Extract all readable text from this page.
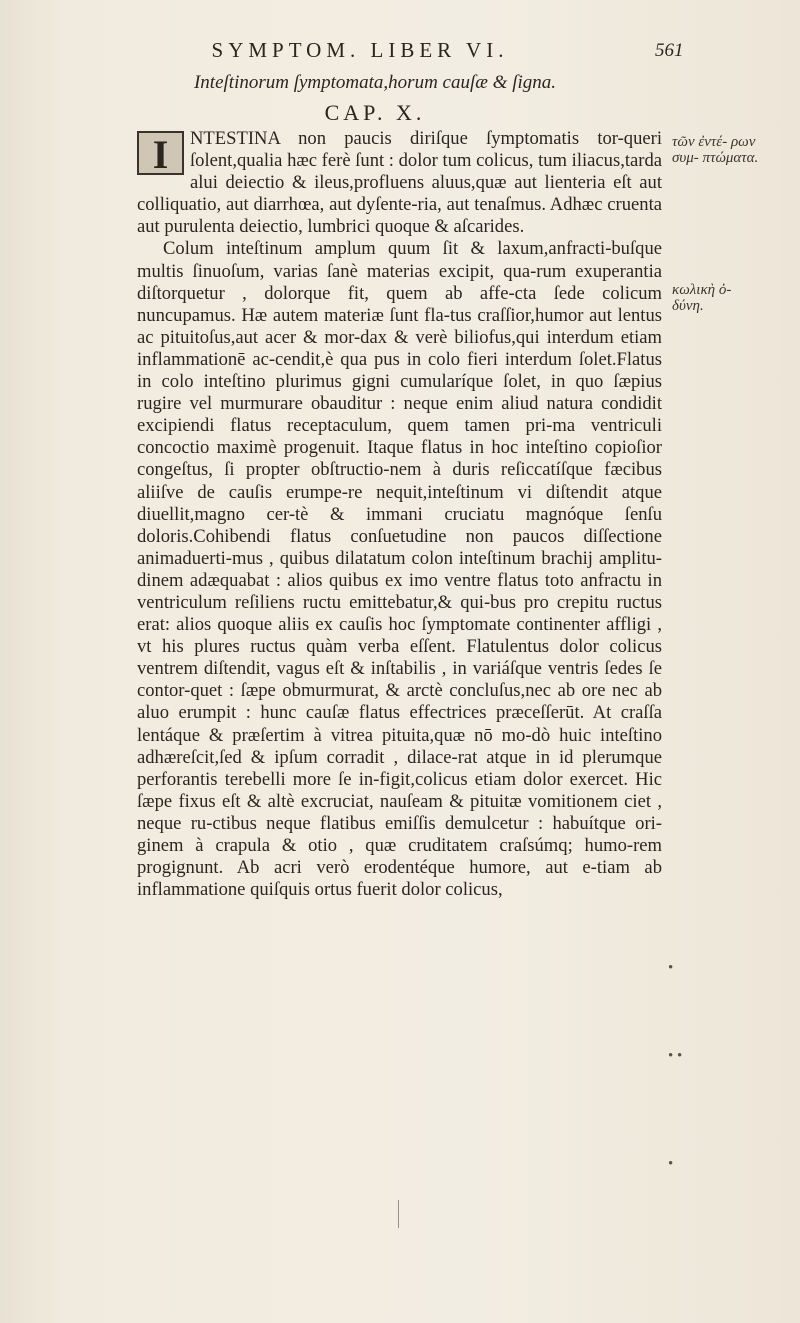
SYMPTOM. LIBER VI.	561
Inteſtinorum ſymptomata,horum cauſæ & ſigna.
CAP. X.

I	NTESTINA non paucis diriſque ſymptomatis tor-queri ſolent,qualia hæc ferè ſunt : dolor tum colicus, tum iliacus,tarda alui deiectio & ileus,profluens aluus,quæ aut lienteria eſt aut colliquatio, aut diarrhœa, aut dyſente-ria, aut tenaſmus. Adhæc cruenta aut purulenta deiectio, lumbrici quoque & aſcarides.

Colum inteſtinum amplum quum ſit & laxum,anfracti-buſque multis ſinuoſum, varias ſanè materias excipit, qua-rum exuperantia diſtorquetur , dolorque fit, quem ab affe-cta ſede colicum nuncupamus. Hæ autem materiæ ſunt fla-tus craſſior,humor aut lentus ac pituitoſus,aut acer & mor-dax & verè biliofus,qui interdum etiam inflammationē ac-cendit,è qua pus in colo fieri interdum ſolet.Flatus in colo inteſtino plurimus gigni cumularíque ſolet, in quo ſæpius rugire vel murmurare obauditur : neque enim aliud natura condidit excipiendi flatus receptaculum, quem tamen pri-ma ventriculi concoctio maximè progenuit. Itaque flatus in hoc inteſtino copioſior congeſtus, ſi propter obſtructio-nem à duris reſiccatíſque fæcibus aliiſve de cauſis erumpe-re nequit,inteſtinum vi diſtendit atque diuellit,magno cer-tè & immani cruciatu magnóque ſenſu doloris.Cohibendi flatus conſuetudine non paucos diſſectione animaduerti-mus , quibus dilatatum colon inteſtinum brachij amplitu-dinem adæquabat : alios quibus ex imo ventre flatus toto anfractu in ventriculum reſiliens ructu emittebatur,& qui-bus pro crepitu ructus erat: alios quoque aliis ex cauſis hoc ſymptomate continenter affligi , vt his plures ructus quàm verba eſſent. Flatulentus dolor colicus ventrem diſtendit, vagus eſt & inſtabilis , in variáſque ventris ſedes ſe contor-quet : ſæpe obmurmurat, & arctè concluſus,nec ab ore nec ab aluo erumpit : hunc cauſæ flatus effectrices præceſſerūt. At craſſa lentáque & præſertim à vitrea pituita,quæ nō mo-dò huic inteſtino adhæreſcit,ſed & ipſum corradit , dilace-rat atque in id plerumque perforantis terebelli more ſe in-figit,colicus etiam dolor exercet. Hic ſæpe fixus eſt & altè excruciat, nauſeam & pituitæ vomitionem ciet , neque ru-ctibus neque flatibus emiſſis demulcetur : habuítque ori-ginem à crapula & otio , quæ cruditatem craſsúmq; humo-rem progignunt. Ab acri verò erodentéque humore, aut e-tiam ab inflammatione quiſquis ortus fuerit dolor colicus,

τῶν ἐντέ- ρων συμ- πτώματα.
κωλικὴ ὀ- δύνη.
•
• •
•
